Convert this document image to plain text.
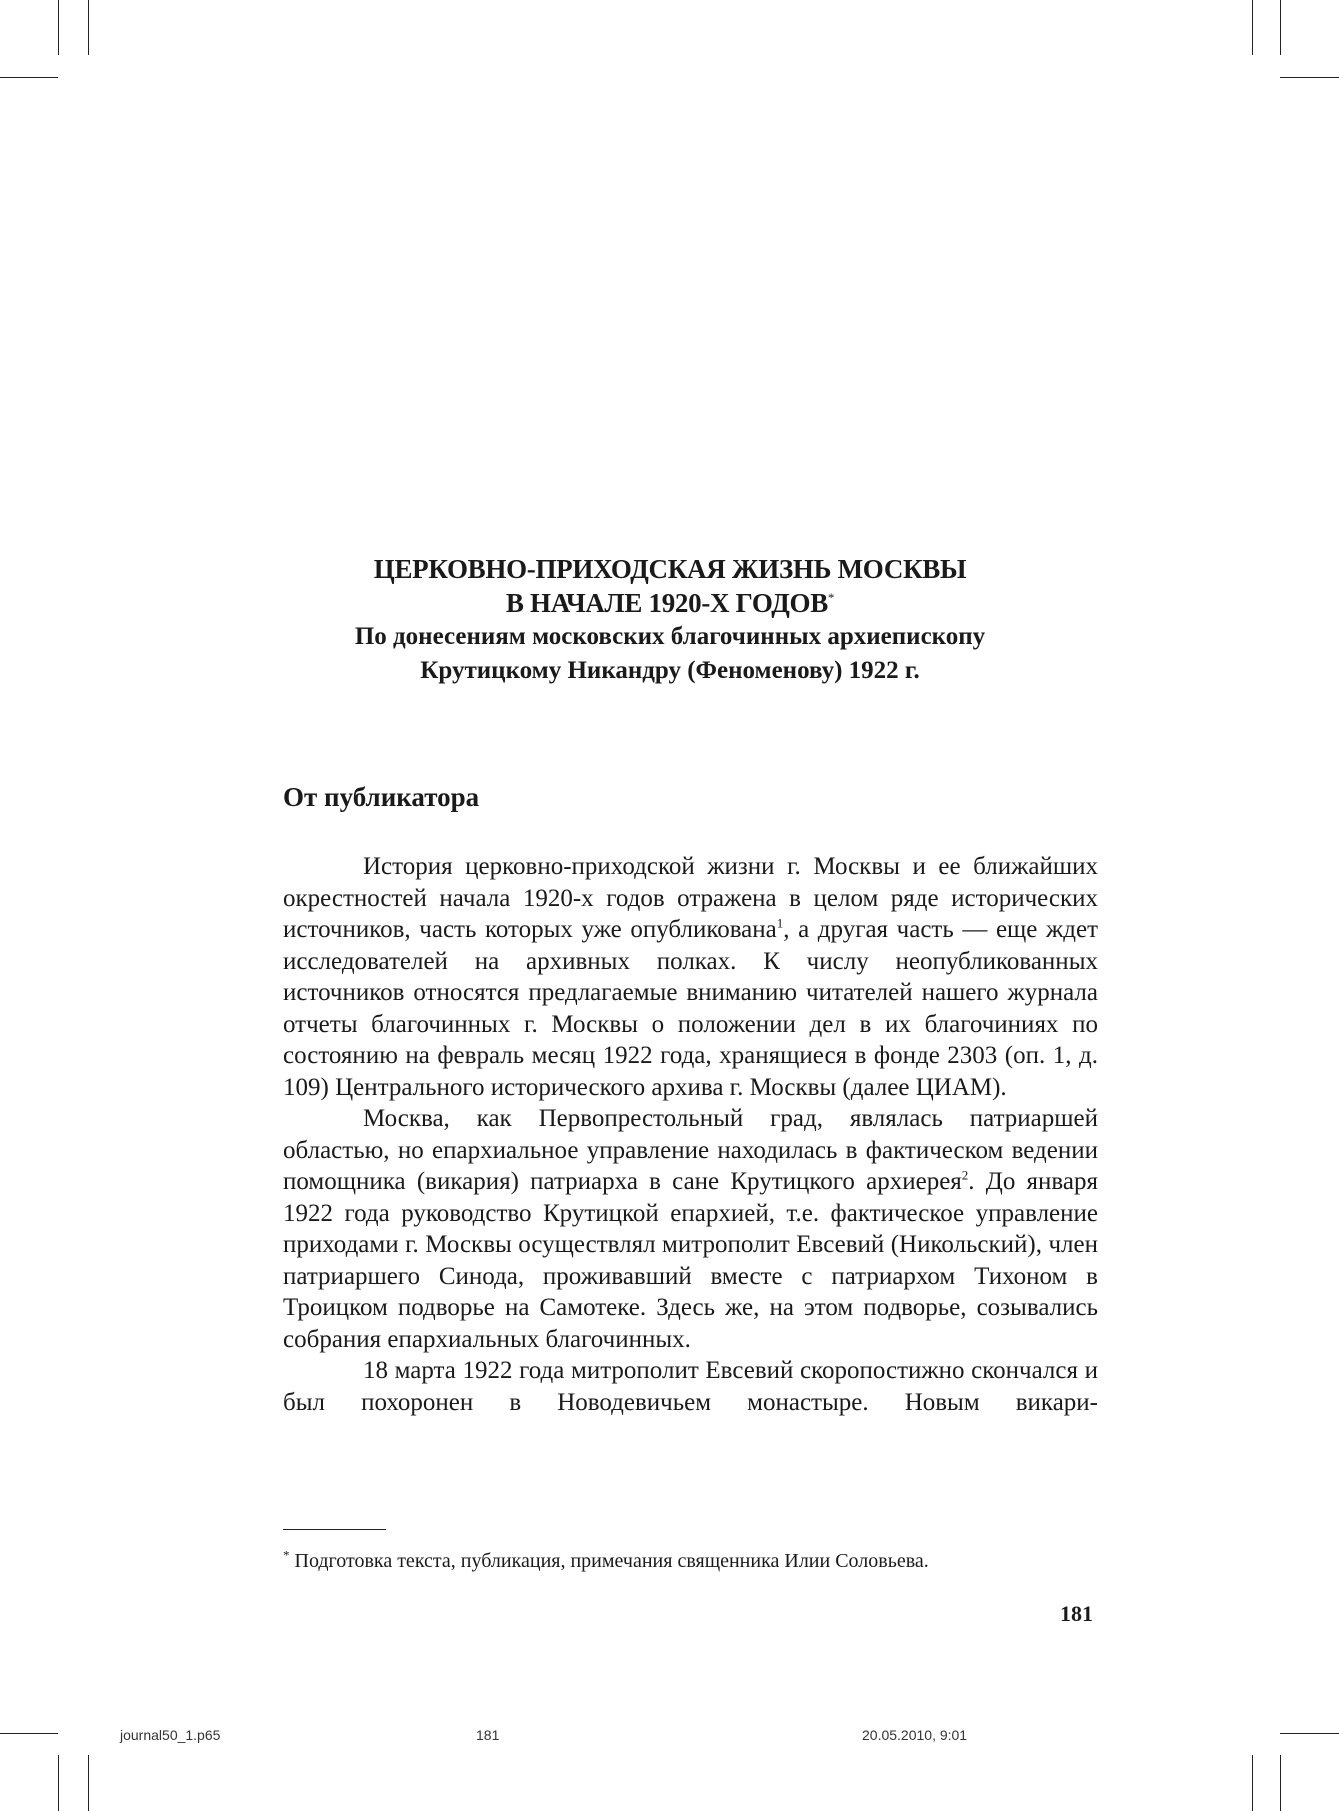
ЦЕРКОВНО-ПРИХОДСКАЯ ЖИЗНЬ МОСКВЫ
В НАЧАЛЕ 1920-Х ГОДОВ*
По донесениям московских благочинных архиепископу
Крутицкому Никандру (Феноменову) 1922 г.
От публикатора

История церковно-приходской жизни г. Москвы и ее ближайших окрестностей начала 1920-х годов отражена в целом ряде исторических источников, часть которых уже опубликована$^1$, а другая часть — еще ждет исследователей на архивных полках. К числу неопубликованных источников относятся предлагаемые вниманию читателей нашего журнала отчеты благочинных г. Москвы о положении дел в их благочиниях по состоянию на февраль месяц 1922 года, хранящиеся в фонде 2303 (оп. 1, д. 109) Центрального исторического архива г. Москвы (далее ЦИАМ).

Москва, как Первопрестольный град, являлась патриаршей областью, но епархиальное управление находилась в фактическом ведении помощника (викария) патриарха в сане Крутицкого архиерея$^2$. До января 1922 года руководство Крутицкой епархией, т.е. фактическое управление приходами г. Москвы осуществлял митрополит Евсевий (Никольский), член патриаршего Синода, проживавший вместе с патриархом Тихоном в Троицком подворье на Самотеке. Здесь же, на этом подворье, созывались собрания епархиальных благочинных.

18 марта 1922 года митрополит Евсевий скоропостижно скончался и был похоронен в Новодевичьем монастыре. Новым викари-

* Подготовка текста, публикация, примечания священника Илии Соловьева.
181
journal50_1.p65	181	20.05.2010, 9:01
